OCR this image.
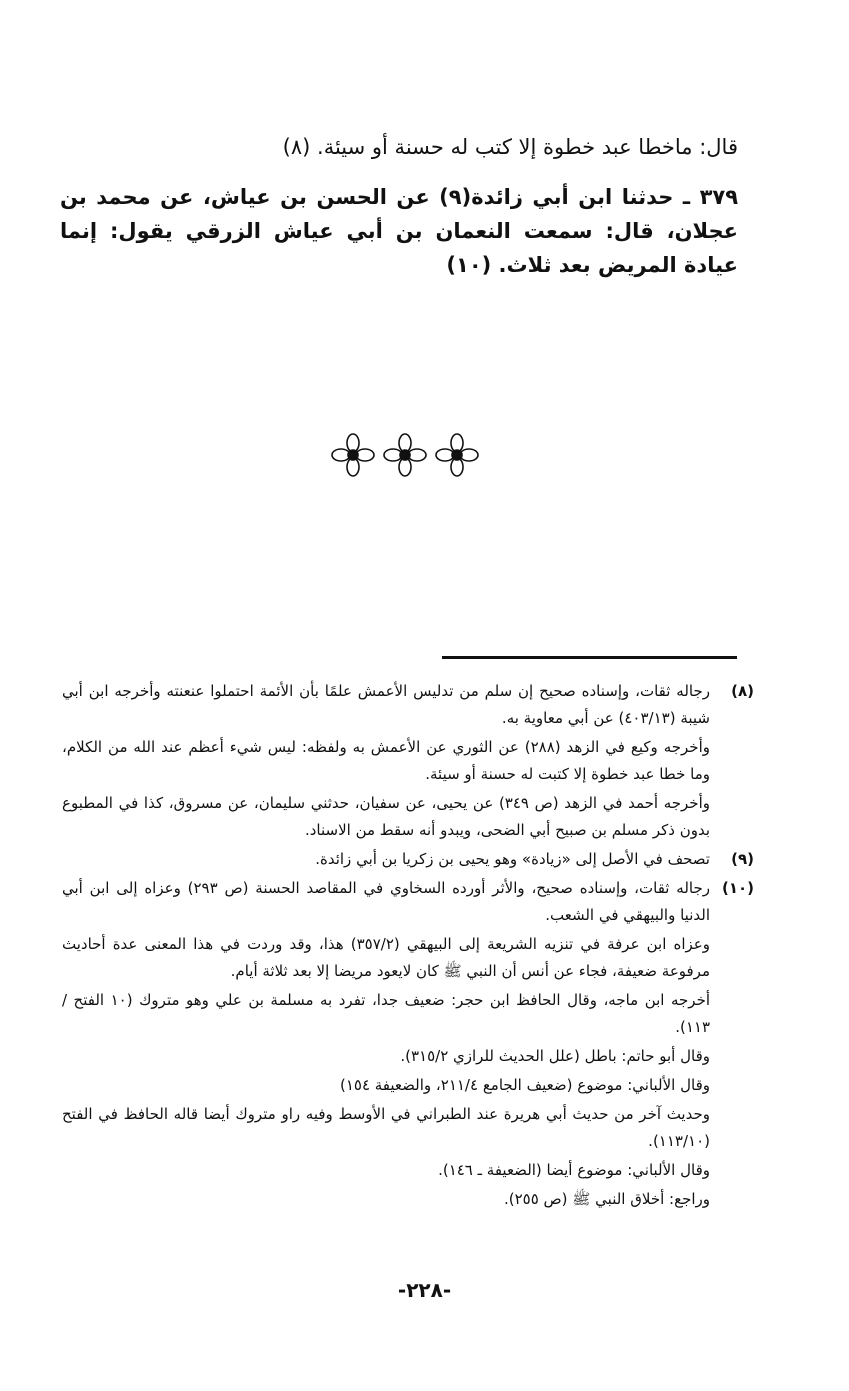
قال: ماخطا عبد خطوة إلا كتب له حسنة أو سيئة. (٨)

٣٧٩ ـ حدثنا ابن أبي زائدة(٩) عن الحسن بن عياش، عن محمد بن عجلان، قال: سمعت النعمان بن أبي عياش الزرقي يقول: إنما عيادة المريض بعد ثلاث. (١٠)
(٨)

رجاله ثقات، وإسناده صحيح إن سلم من تدليس الأعمش علمًا بأن الأئمة احتملوا عنعنته وأخرجه ابن أبي شيبة (٤٠٣/١٣) عن أبي معاوية به.

وأخرجه وكيع في الزهد (٢٨٨) عن الثوري عن الأعمش به ولفظه: ليس شيء أعظم عند الله من الكلام، وما خطا عبد خطوة إلا كتبت له حسنة أو سيئة.

وأخرجه أحمد في الزهد (ص ٣٤٩) عن يحيى، عن سفيان، حدثني سليمان، عن مسروق، كذا في المطبوع بدون ذكر مسلم بن صبيح أبي الضحى، ويبدو أنه سقط من الاسناد.

(٩)

تصحف في الأصل إلى «زيادة» وهو يحيى بن زكريا بن أبي زائدة.

(١٠)

رجاله ثقات، وإسناده صحيح، والأثر أورده السخاوي في المقاصد الحسنة (ص ٢٩٣) وعزاه إلى ابن أبي الدنيا والبيهقي في الشعب.

وعزاه ابن عرفة في تنزيه الشريعة إلى البيهقي (٣٥٧/٢) هذا، وقد وردت في هذا المعنى عدة أحاديث مرفوعة ضعيفة، فجاء عن أنس أن النبي ﷺ كان لايعود مريضا إلا بعد ثلاثة أيام.

أخرجه ابن ماجه، وقال الحافظ ابن حجر: ضعيف جدا، تفرد به مسلمة بن علي وهو متروك (١٠ الفتح /١١٣).

وقال أبو حاتم: باطل (علل الحديث للرازي ٣١٥/٢).

وقال الألباني: موضوع (ضعيف الجامع ٢١١/٤، والضعيفة ١٥٤)

وحديث آخر من حديث أبي هريرة عند الطبراني في الأوسط وفيه راو متروك أيضا قاله الحافظ في الفتح (١١٣/١٠).

وقال الألباني: موضوع أيضا (الضعيفة ـ ١٤٦).

وراجع: أخلاق النبي ﷺ (ص ٢٥٥).

-٢٢٨-
